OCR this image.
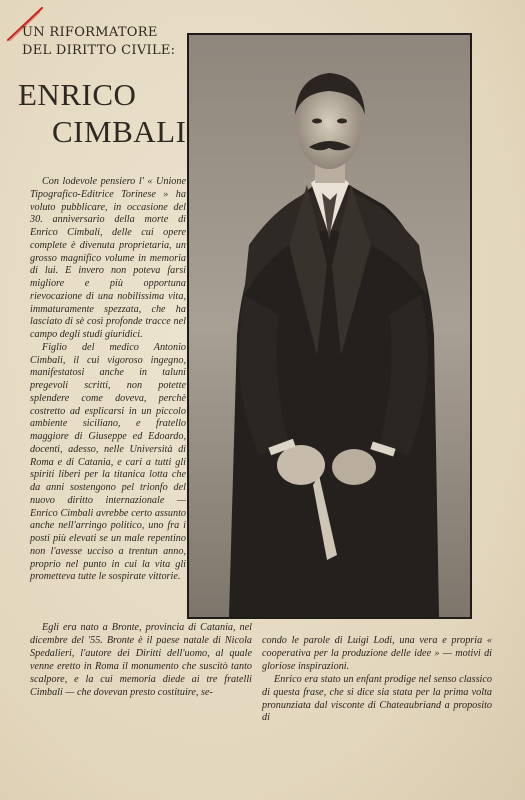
UN RIFORMATORE
DEL DIRITTO CIVILE:
ENRICO
CIMBALI

Con lodevole pensiero l' « Unione Tipografico-Editrice Torinese » ha voluto pubblicare, in occasione del 30. anniversario della morte di Enrico Cimbali, delle cui opere complete è divenuta proprietaria, un grosso magnifico volume in memoria di lui. E invero non poteva farsi migliore e più opportuna rievocazione di una nobilissima vita, immaturamente spezzata, che ha lasciato di sè così profonde tracce nel campo degli studi giuridici.

Figlio del medico Antonio Cimbali, il cui vigoroso ingegno, manifestatosi anche in taluni pregevoli scritti, non potette splendere come doveva, perchè costretto ad esplicarsi in un piccolo ambiente siciliano, e fratello maggiore di Giuseppe ed Edoardo, docenti, adesso, nelle Università di Roma e di Catania, e cari a tutti gli spiriti liberi per la titanica lotta che da anni sostengono pel trionfo del nuovo diritto internazionale — Enrico Cimbali avrebbe certo assunto anche nell'arringo politico, uno fra i posti più elevati se un male repentino non l'avesse ucciso a trentun anno, proprio nel punto in cui la vita gli prometteva tutte le sospirate vittorie.

Egli era nato a Bronte, provincia di Catania, nel dicembre del '55. Bronte è il paese natale di Nicola Spedalieri, l'autore dei Diritti dell'uomo, al quale venne eretto in Roma il monumento che suscitò tanto scalpore, e la cui memoria diede ai tre fratelli Cimbali — che dovevan presto costituire, se-

condo le parole di Luigi Lodi, una vera e propria « cooperativa per la produzione delle idee » — motivi di gloriose inspirazioni.

Enrico era stato un enfant prodige nel senso classico di questa frase, che si dice sia stata per la prima volta pronunziata dal visconte di Chateaubriand a proposito di
